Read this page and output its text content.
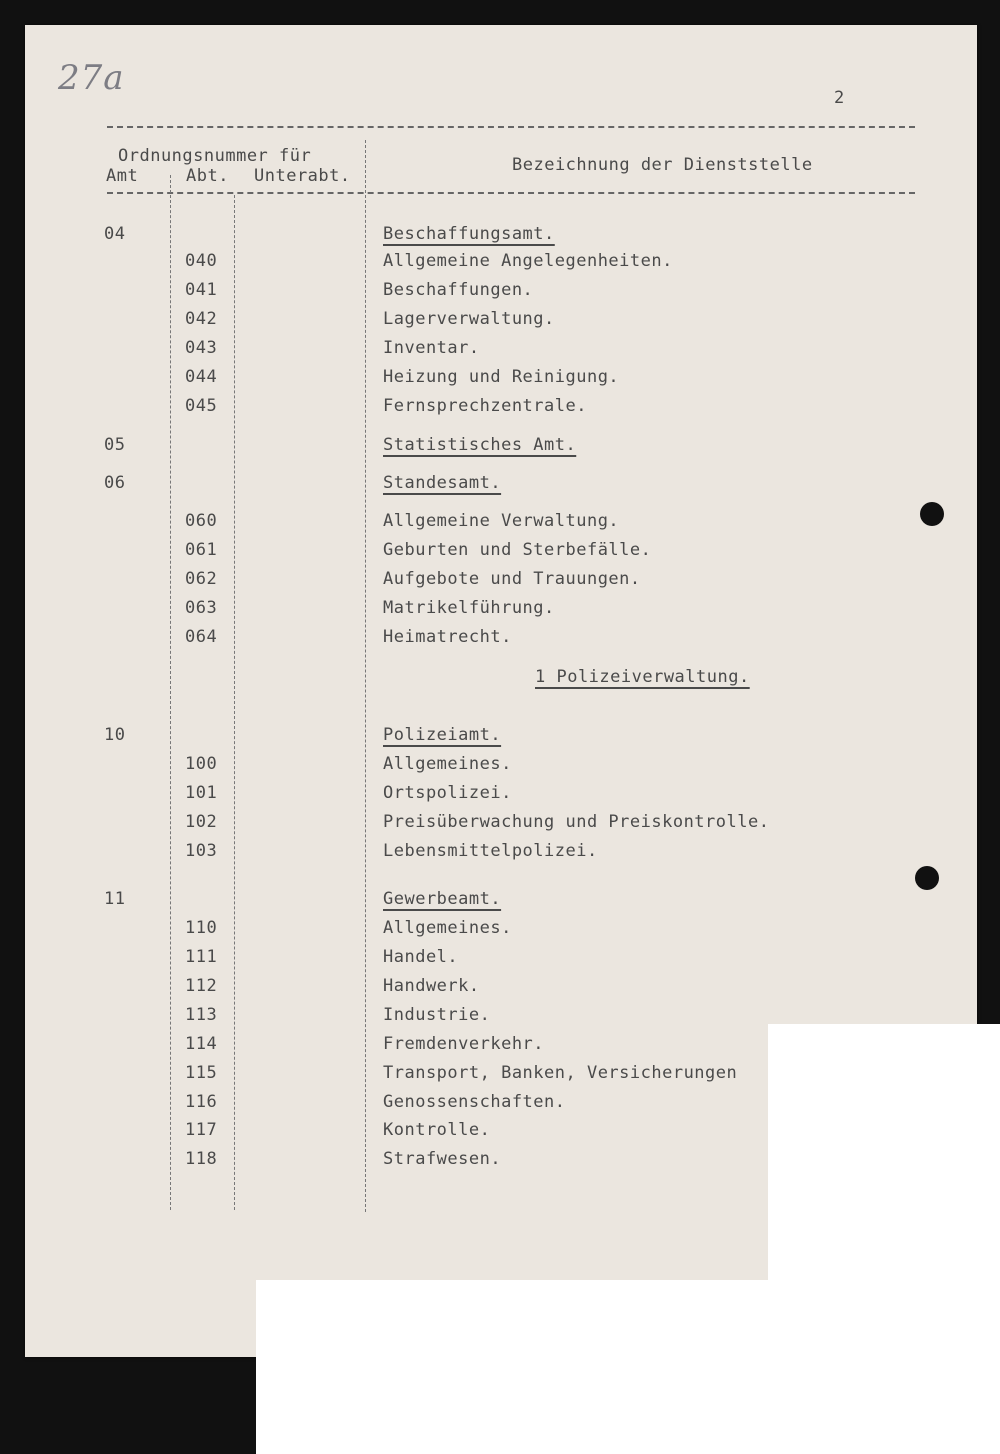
27a	2
Ordnungsnummer für
Amt	Abt. Unterabt.
Bezeichnung der Dienststelle
04	Beschaffungsamt.
040	Allgemeine Angelegenheiten.
041	Beschaffungen.
042	Lagerverwaltung.
043	Inventar.
044	Heizung und Reinigung.
045	Fernsprechzentrale.
05	Statistisches Amt.
06	Standesamt.
060	Allgemeine Verwaltung.
061	Geburten und Sterbefälle.
062	Aufgebote und Trauungen.
063	Matrikelführung.
064	Heimatrecht.
10	Polizeiamt.
100	Allgemeines.
101	Ortspolizei.
102	Preisüberwachung und Preiskontrolle.
103	Lebensmittelpolizei.
11	Gewerbeamt.
110	Allgemeines.
111	Handel.
112	Handwerk.
113	Industrie.
114	Fremdenverkehr.
115	Transport, Banken, Versicherungen
116	Genossenschaften.
117	Kontrolle.
118	Strafwesen.
1 Polizeiverwaltung.
